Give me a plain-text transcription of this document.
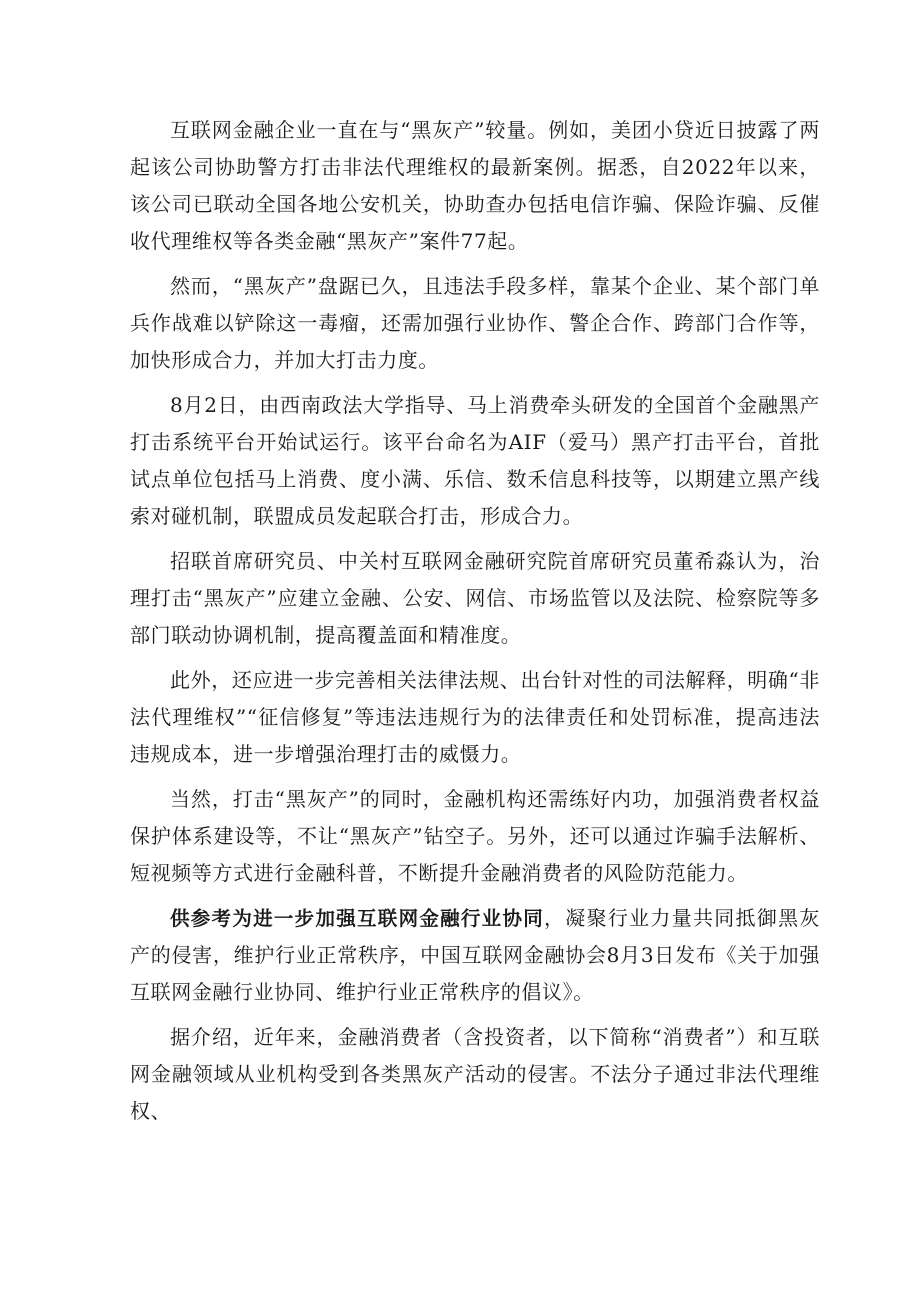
互联网金融企业一直在与“黑灰产”较量。例如，美团小贷近日披露了两起该公司协助警方打击非法代理维权的最新案例。据悉，自2022年以来，该公司已联动全国各地公安机关，协助查办包括电信诈骗、保险诈骗、反催收代理维权等各类金融“黑灰产”案件77起。

然而，“黑灰产”盘踞已久，且违法手段多样，靠某个企业、某个部门单兵作战难以铲除这一毒瘤，还需加强行业协作、警企合作、跨部门合作等，加快形成合力，并加大打击力度。

8月2日，由西南政法大学指导、马上消费牵头研发的全国首个金融黑产打击系统平台开始试运行。该平台命名为AIF（爱马）黑产打击平台，首批试点单位包括马上消费、度小满、乐信、数禾信息科技等，以期建立黑产线索对碰机制，联盟成员发起联合打击，形成合力。

招联首席研究员、中关村互联网金融研究院首席研究员董希淼认为，治理打击“黑灰产”应建立金融、公安、网信、市场监管以及法院、检察院等多部门联动协调机制，提高覆盖面和精准度。

此外，还应进一步完善相关法律法规、出台针对性的司法解释，明确“非法代理维权”“征信修复”等违法违规行为的法律责任和处罚标准，提高违法违规成本，进一步增强治理打击的威慑力。

当然，打击“黑灰产”的同时，金融机构还需练好内功，加强消费者权益保护体系建设等，不让“黑灰产”钻空子。另外，还可以通过诈骗手法解析、短视频等方式进行金融科普，不断提升金融消费者的风险防范能力。

供参考为进一步加强互联网金融行业协同，凝聚行业力量共同抵御黑灰产的侵害，维护行业正常秩序，中国互联网金融协会8月3日发布《关于加强互联网金融行业协同、维护行业正常秩序的倡议》。

据介绍，近年来，金融消费者（含投资者，以下简称“消费者”）和互联网金融领域从业机构受到各类黑灰产活动的侵害。不法分子通过非法代理维权、
